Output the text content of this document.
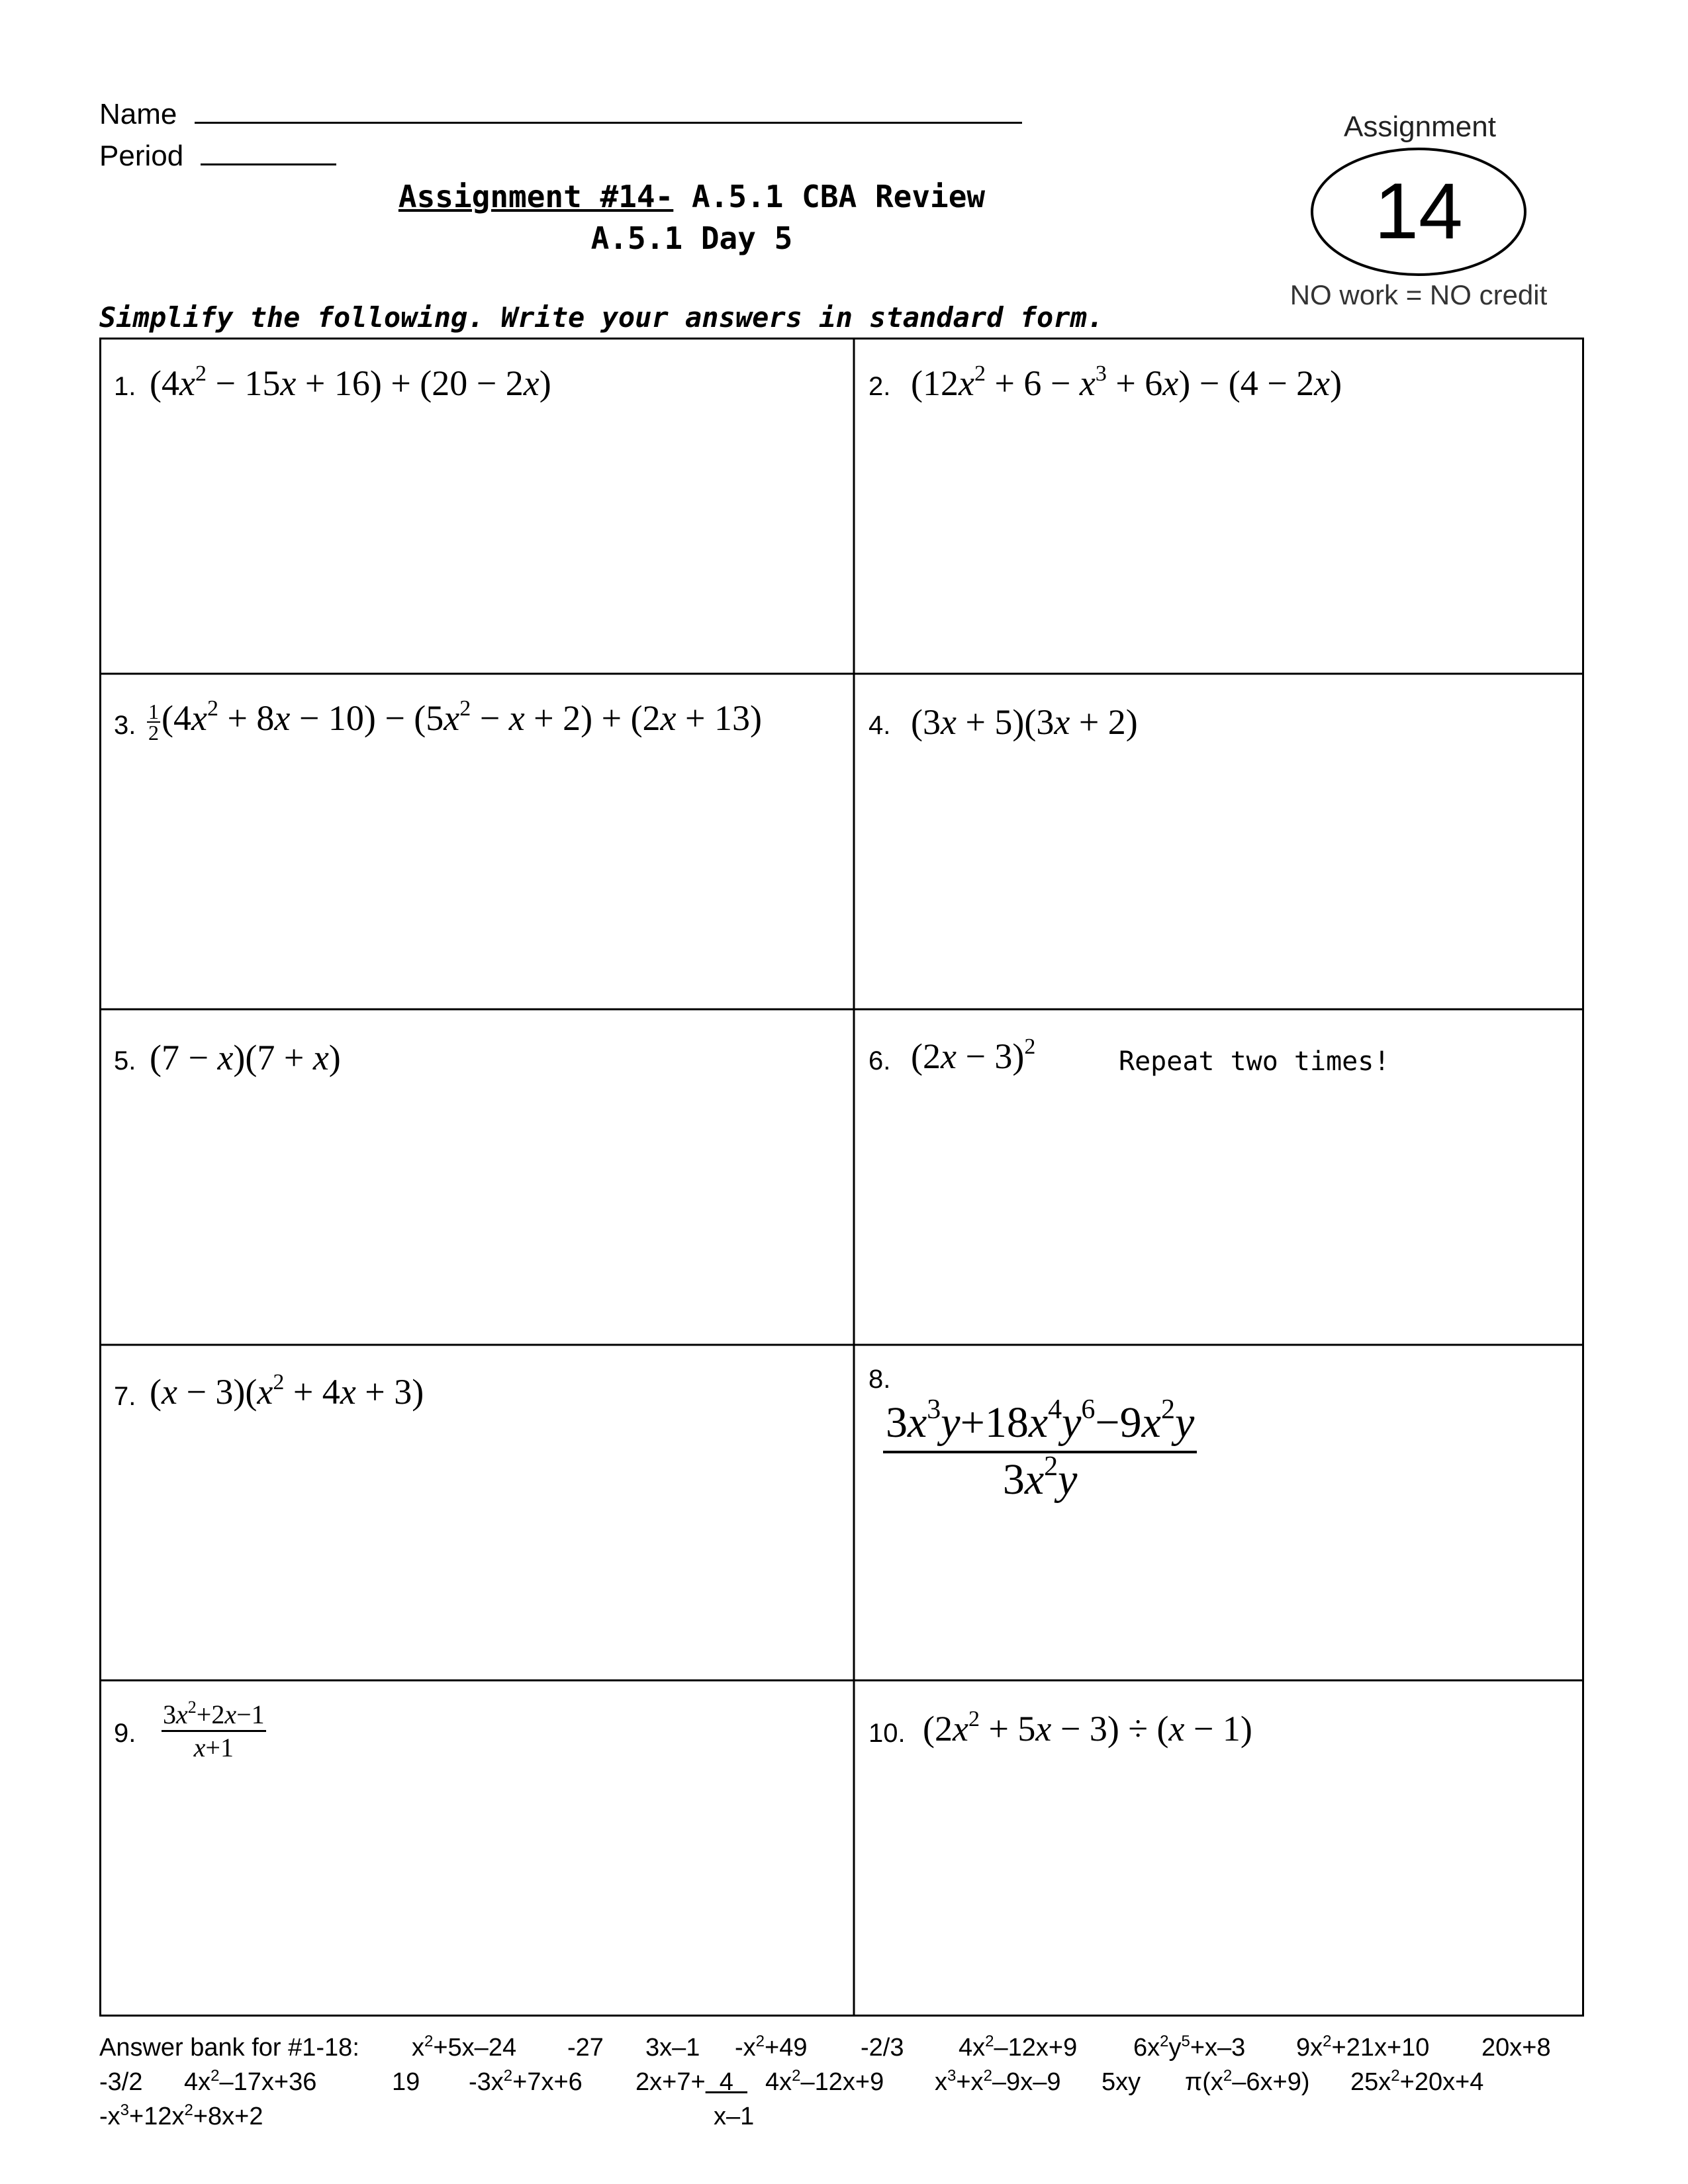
Name
Period
Assignment #14- A.5.1 CBA Review
A.5.1 Day 5
Simplify the following. Write your answers in standard form.
Assignment
14
NO work = NO credit
1. $(4x^2 - 15x + 16) + (20 - 2x)$	2. $(12x^2 + 6 - x^3 + 6x) - (4 - 2x)$
3. $\frac{1}{2} (4x^2 + 8x - 10) - (5x^2 - x + 2) + (2x + 13)$	4. (3x + 5)(3x + 2)
5. (7 − x)(7 + x)	6. $(2x - 3)^2$	Repeat two times!
7. $(x - 3)(x^2 + 4x + 3)$	8.
$\frac{3x^3y+18x^4y^6-9x^2y}{3x^2y}$
9. $\frac{3x^2+2x-1}{x+1}$	10. $(2x^2 + 5x - 3) \div (x - 1)$
Answer bank for #1-18: $x^2+5x-24$ -27 3x–1 $-x^2+49$ -2/3 $4x^2-12x+9$ $6x^2y^5+x-3$ $9x^2+21x+10$ 20x+8
-3/2 $4x^2-17x+36$	19 $-3x^2+7x+6$ 2x+7+  4 $4x^2-12x+9$ $x^3+x^2-9x-9$ 5xy $\pi(x^2-6x+9)$ $25x^2+20x+4$
$-x^3+12x^2+8x+2$	x–1
